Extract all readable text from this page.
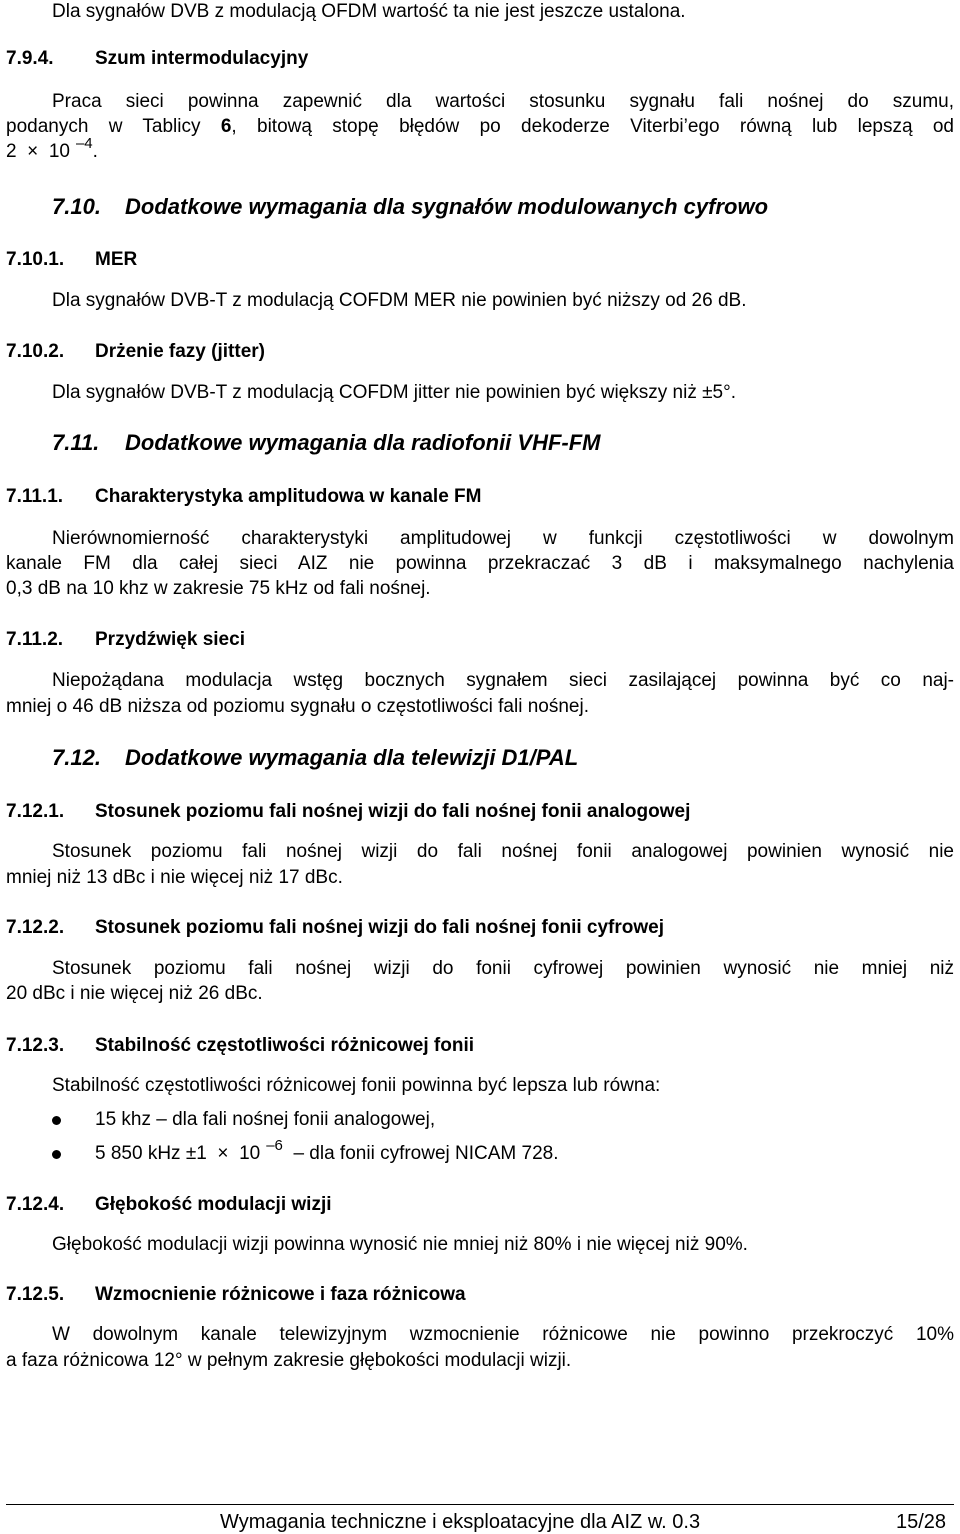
Dla sygnałów DVB z modulacją OFDM wartość ta nie jest jeszcze ustalona.
7.9.4. Szum intermodulacyjny
Praca sieci powinna zapewnić dla wartości stosunku sygnału fali nośnej do szumu,
podanych w Tablicy 6, bitową stopę błędów po dekoderze Viterbi’ego równą lub lepszą od
2 × 10 $^{-4}$.
7.10. Dodatkowe wymagania dla sygnałów modulowanych cyfrowo
7.10.1. MER
Dla sygnałów DVB-T z modulacją COFDM MER nie powinien być niższy od 26 dB.
7.10.2. Drżenie fazy (jitter)
Dla sygnałów DVB-T z modulacją COFDM jitter nie powinien być większy niż ±5°.
7.11. Dodatkowe wymagania dla radiofonii VHF-FM
7.11.1. Charakterystyka amplitudowa w kanale FM
Nierównomierność charakterystyki amplitudowej w funkcji częstotliwości w dowolnym
kanale FM dla całej sieci AIZ nie powinna przekraczać 3 dB i maksymalnego nachylenia
0,3 dB na 10 khz w zakresie 75 kHz od fali nośnej.
7.11.2. Przydźwięk sieci
Niepożądana modulacja wstęg bocznych sygnałem sieci zasilającej powinna być co naj-
mniej o 46 dB niższa od poziomu sygnału o częstotliwości fali nośnej.
7.12. Dodatkowe wymagania dla telewizji D1/PAL
7.12.1. Stosunek poziomu fali nośnej wizji do fali nośnej fonii analogowej
Stosunek poziomu fali nośnej wizji do fali nośnej fonii analogowej powinien wynosić nie
mniej niż 13 dBc i nie więcej niż 17 dBc.
7.12.2. Stosunek poziomu fali nośnej wizji do fali nośnej fonii cyfrowej
Stosunek poziomu fali nośnej wizji do fonii cyfrowej powinien wynosić nie mniej niż
20 dBc i nie więcej niż 26 dBc.
7.12.3. Stabilność częstotliwości różnicowej fonii
Stabilność częstotliwości różnicowej fonii powinna być lepsza lub równa:
15 khz – dla fali nośnej fonii analogowej,
5 850 kHz ±1 × 10 $^{-6}$ – dla fonii cyfrowej NICAM 728.
7.12.4. Głębokość modulacji wizji
Głębokość modulacji wizji powinna wynosić nie mniej niż 80% i nie więcej niż 90%.
7.12.5. Wzmocnienie różnicowe i faza różnicowa
W dowolnym kanale telewizyjnym wzmocnienie różnicowe nie powinno przekroczyć 10%
a faza różnicowa 12° w pełnym zakresie głębokości modulacji wizji.
Wymagania techniczne i eksploatacyjne dla AIZ w. 0.3	15/28
